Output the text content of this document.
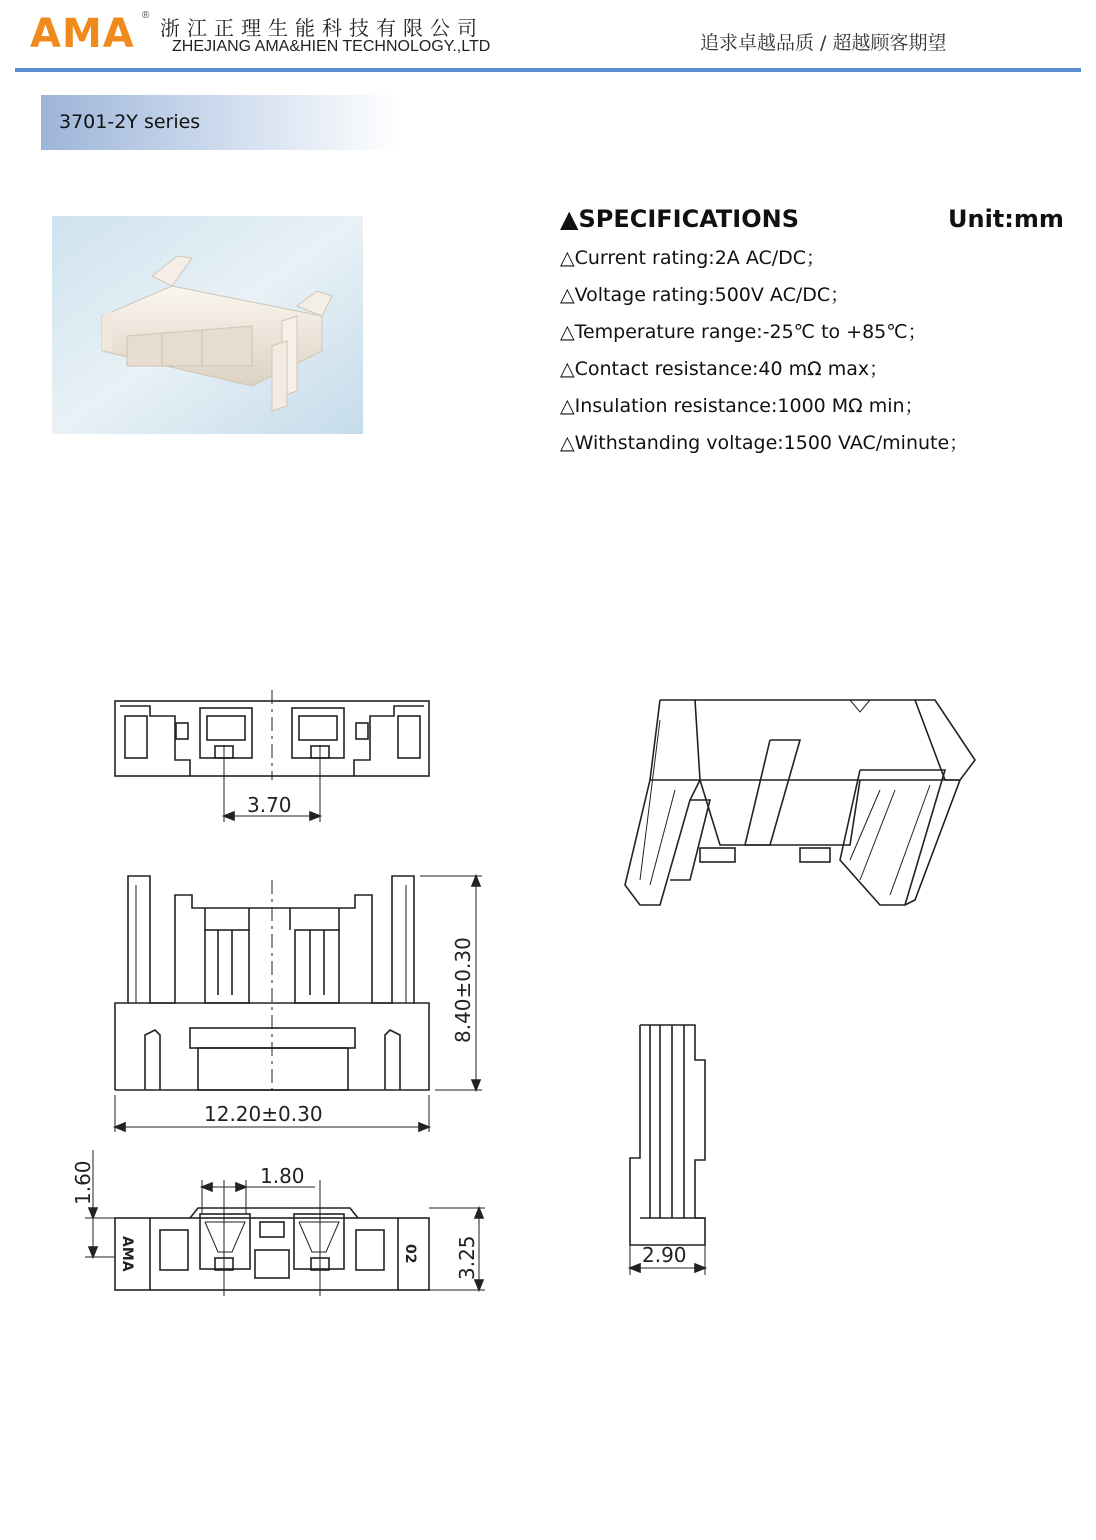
AMA ®
浙江正理生能科技有限公司
ZHEJIANG AMA&HIEN TECHNOLOGY.,LTD	追求卓越品质 / 超越顾客期望
3701-2Y series
▲SPECIFICATIONS	Unit:mm
△Current rating:2A AC/DC；
△Voltage rating:500V AC/DC；
△Temperature range:-25℃ to +85℃；
△Contact resistance:40 mΩ max；
△Insulation resistance:1000 MΩ min；
△Withstanding voltage:1500 VAC/minute；
3.70
12.20±0.30
8.40±0.30
1.80
1.60
3.25	2.90
AMA	02
